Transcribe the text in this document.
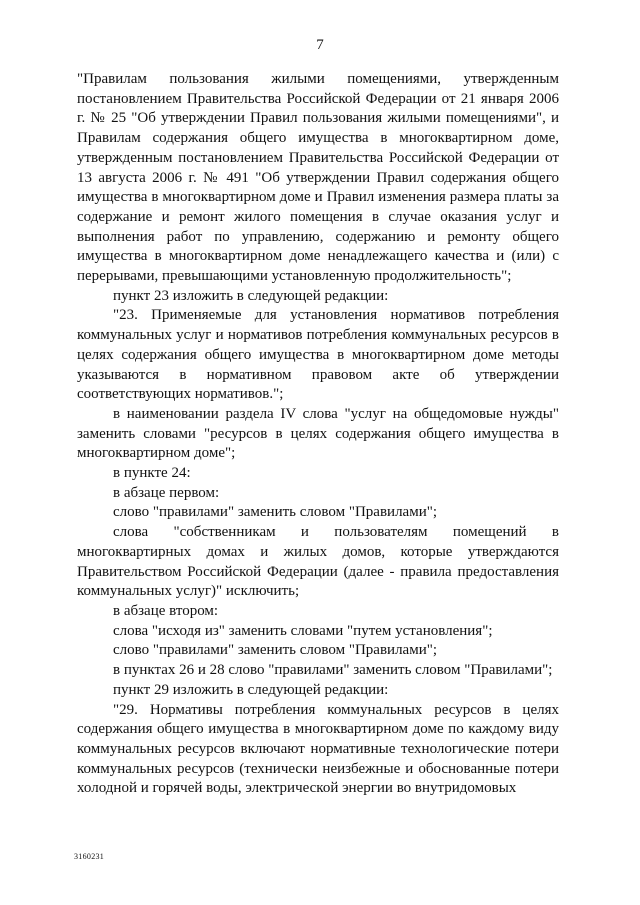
7

"Правилам пользования жилыми помещениями, утвержденным постановлением Правительства Российской Федерации от 21 января 2006 г. № 25 "Об утверждении Правил пользования жилыми помещениями", и Правилам содержания общего имущества в многоквартирном доме, утвержденным постановлением Правительства Российской Федерации от 13 августа 2006 г. № 491 "Об утверждении Правил содержания общего имущества в многоквартирном доме и Правил изменения размера платы за содержание и ремонт жилого помещения в случае оказания услуг и выполнения работ по управлению, содержанию и ремонту общего имущества в многоквартирном доме ненадлежащего качества и (или) с перерывами, превышающими установленную продолжительность";

пункт 23 изложить в следующей редакции:

"23. Применяемые для установления нормативов потребления коммунальных услуг и нормативов потребления коммунальных ресурсов в целях содержания общего имущества в многоквартирном доме методы указываются в нормативном правовом акте об утверждении соответствующих нормативов.";

в наименовании раздела IV слова "услуг на общедомовые нужды" заменить словами "ресурсов в целях содержания общего имущества в многоквартирном доме";

в пункте 24:

в абзаце первом:

слово "правилами" заменить словом "Правилами";

слова "собственникам и пользователям помещений в многоквартирных домах и жилых домов, которые утверждаются Правительством Российской Федерации (далее - правила предоставления коммунальных услуг)" исключить;

в абзаце втором:

слова "исходя из" заменить словами "путем установления";

слово "правилами" заменить словом "Правилами";

в пунктах 26 и 28 слово "правилами" заменить словом "Правилами";

пункт 29 изложить в следующей редакции:

"29. Нормативы потребления коммунальных ресурсов в целях содержания общего имущества в многоквартирном доме по каждому виду коммунальных ресурсов включают нормативные технологические потери коммунальных ресурсов (технически неизбежные и обоснованные потери холодной и горячей воды, электрической энергии во внутридомовых

3160231
